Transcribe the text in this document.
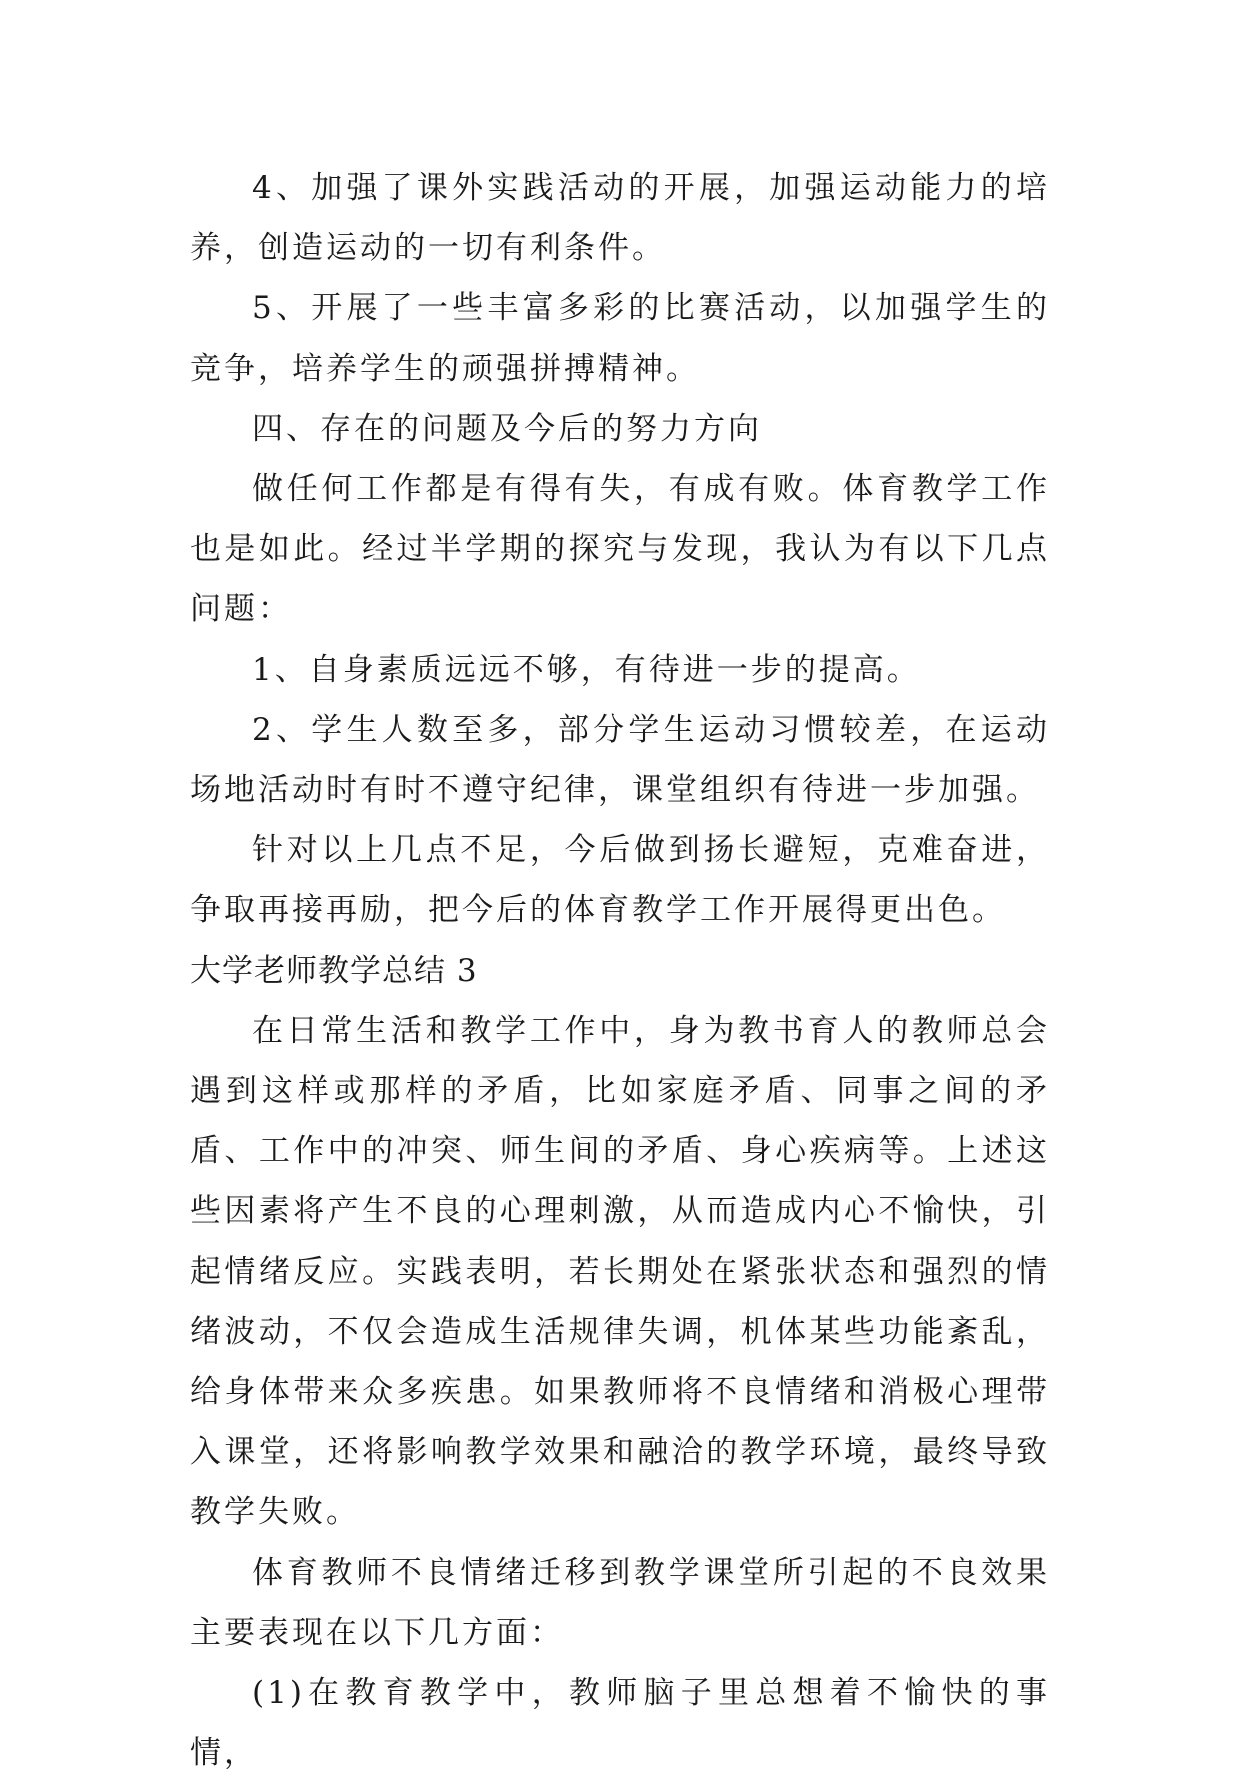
4、加强了课外实践活动的开展，加强运动能力的培养，创造运动的一切有利条件。

5、开展了一些丰富多彩的比赛活动，以加强学生的竞争，培养学生的顽强拼搏精神。

四、存在的问题及今后的努力方向

做任何工作都是有得有失，有成有败。体育教学工作也是如此。经过半学期的探究与发现，我认为有以下几点问题：

1、自身素质远远不够，有待进一步的提高。

2、学生人数至多，部分学生运动习惯较差，在运动场地活动时有时不遵守纪律，课堂组织有待进一步加强。

针对以上几点不足，今后做到扬长避短，克难奋进，争取再接再励，把今后的体育教学工作开展得更出色。

大学老师教学总结 3

在日常生活和教学工作中，身为教书育人的教师总会遇到这样或那样的矛盾，比如家庭矛盾、同事之间的矛盾、工作中的冲突、师生间的矛盾、身心疾病等。上述这些因素将产生不良的心理刺激，从而造成内心不愉快，引起情绪反应。实践表明，若长期处在紧张状态和强烈的情绪波动，不仅会造成生活规律失调，机体某些功能紊乱，给身体带来众多疾患。如果教师将不良情绪和消极心理带入课堂，还将影响教学效果和融洽的教学环境，最终导致教学失败。

体育教师不良情绪迁移到教学课堂所引起的不良效果主要表现在以下几方面：

(1)在教育教学中，教师脑子里总想着不愉快的事情，
